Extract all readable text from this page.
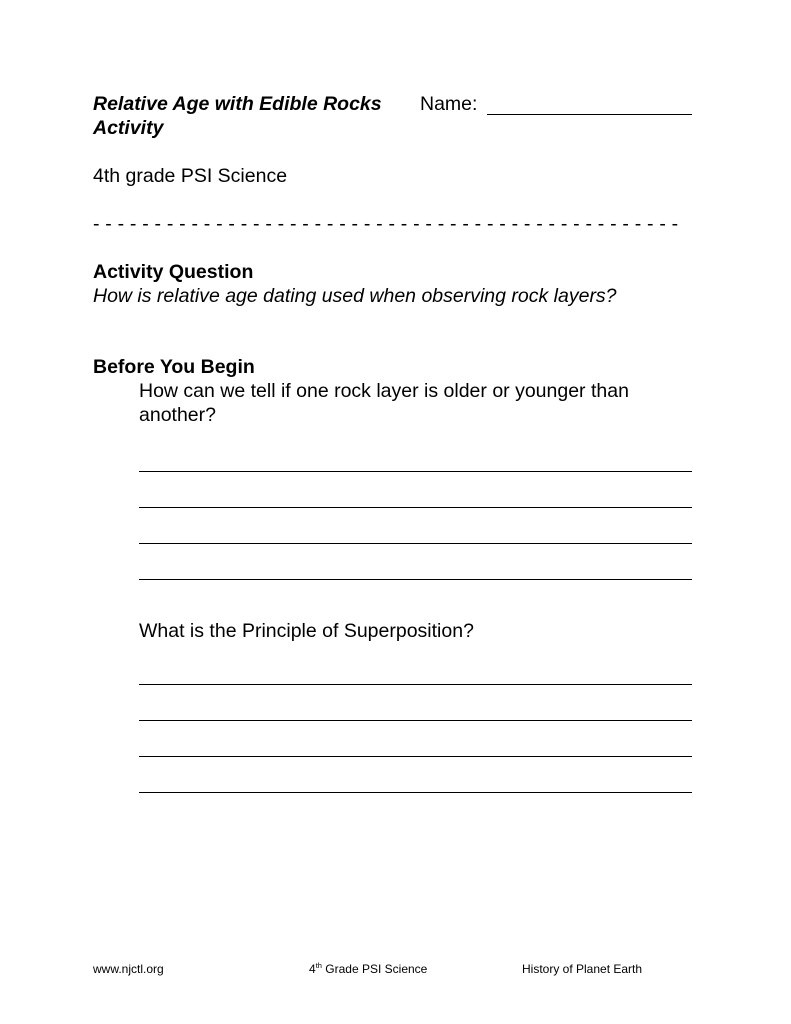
Relative Age with Edible Rocks
Activity
Name:
4th grade PSI Science
- - - - - - - - - - - - - - - - - - - - - - - - - - - - - - - - - - - - - - - - - - - - - - - -
Activity Question
How is relative age dating used when observing rock layers?
Before You Begin
How can we tell if one rock layer is older or younger than
another?
What is the Principle of Superposition?
www.njctl.org	4th Grade PSI Science	History of Planet Earth
